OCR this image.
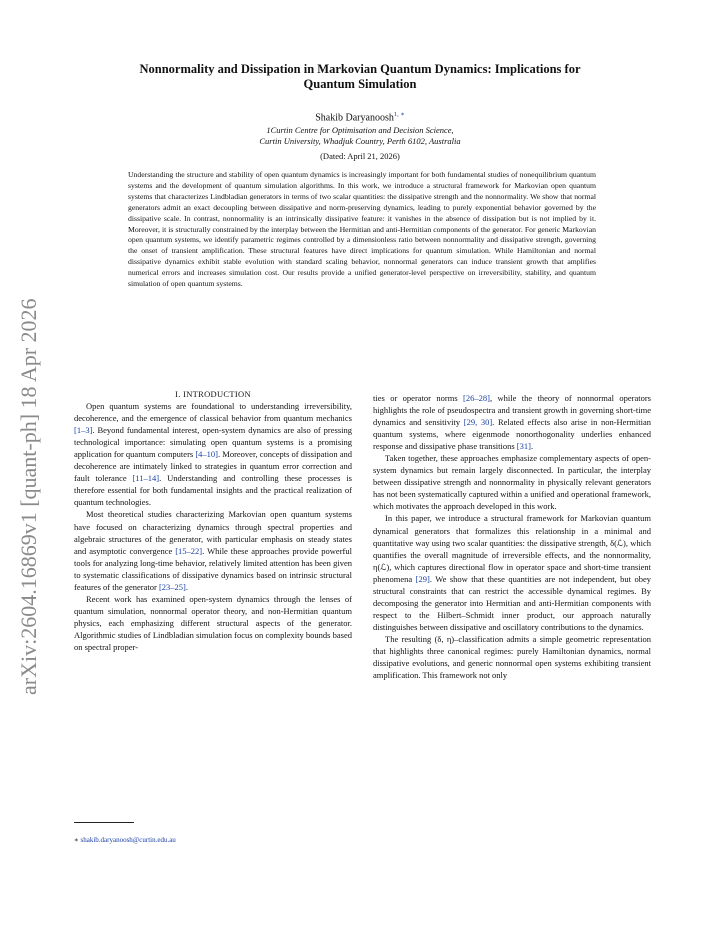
arXiv:2604.16869v1 [quant-ph] 18 Apr 2026
Nonnormality and Dissipation in Markovian Quantum Dynamics: Implications for
Quantum Simulation
Shakib Daryanoosh$^{1, ∗}$
1Curtin Centre for Optimisation and Decision Science,
Curtin University, Whadjuk Country, Perth 6102, Australia
(Dated: April 21, 2026)
Understanding the structure and stability of open quantum dynamics is increasingly important for both fundamental studies of nonequilibrium quantum systems and the development of quantum simulation algorithms. In this work, we introduce a structural framework for Markovian open quantum systems that characterizes Lindbladian generators in terms of two scalar quantities: the dissipative strength and the nonnormality. We show that normal generators admit an exact decoupling between dissipative and norm-preserving dynamics, leading to purely exponential behavior governed by the dissipative scale. In contrast, nonnormality is an intrinsically dissipative feature: it vanishes in the absence of dissipation but is not implied by it. Moreover, it is structurally constrained by the interplay between the Hermitian and anti-Hermitian components of the generator. For generic Markovian open quantum systems, we identify parametric regimes controlled by a dimensionless ratio between nonnormality and dissipative strength, governing the onset of transient amplification. These structural features have direct implications for quantum simulation. While Hamiltonian and normal dissipative dynamics exhibit stable evolution with standard scaling behavior, nonnormal generators can induce transient growth that amplifies numerical errors and increases simulation cost. Our results provide a unified generator-level perspective on irreversibility, stability, and quantum simulation of open quantum systems.

I. INTRODUCTION

Open quantum systems are foundational to understanding irreversibility, decoherence, and the emergence of classical behavior from quantum mechanics [1–3]. Beyond fundamental interest, open-system dynamics are also of pressing technological importance: simulating open quantum systems is a promising application for quantum computers [4–10]. Moreover, concepts of dissipation and decoherence are intimately linked to strategies in quantum error correction and fault tolerance [11–14]. Understanding and controlling these processes is therefore essential for both fundamental insights and the practical realization of quantum technologies.

Most theoretical studies characterizing Markovian open quantum systems have focused on characterizing dynamics through spectral properties and algebraic structures of the generator, with particular emphasis on steady states and asymptotic convergence [15–22]. While these approaches provide powerful tools for analyzing long-time behavior, relatively limited attention has been given to systematic classifications of dissipative dynamics based on intrinsic structural features of the generator [23–25].

Recent work has examined open-system dynamics through the lenses of quantum simulation, nonnormal operator theory, and non-Hermitian quantum physics, each emphasizing different structural aspects of the generator. Algorithmic studies of Lindbladian simulation focus on complexity bounds based on spectral proper-

ties or operator norms [26–28], while the theory of nonnormal operators highlights the role of pseudospectra and transient growth in governing short-time dynamics and sensitivity [29, 30]. Related effects also arise in non-Hermitian quantum systems, where eigenmode nonorthogonality underlies enhanced response and dissipative phase transitions [31].

Taken together, these approaches emphasize complementary aspects of open-system dynamics but remain largely disconnected. In particular, the interplay between dissipative strength and nonnormality in physically relevant generators has not been systematically captured within a unified and operational framework, which motivates the approach developed in this work.

In this paper, we introduce a structural framework for Markovian quantum dynamical generators that formalizes this relationship in a minimal and quantitative way using two scalar quantities: the dissipative strength, δ(ℒ), which quantifies the overall magnitude of irreversible effects, and the nonnormality, η(ℒ), which captures directional flow in operator space and short-time transient phenomena [29]. We show that these quantities are not independent, but obey structural constraints that can restrict the accessible dynamical regimes. By decomposing the generator into Hermitian and anti-Hermitian components with respect to the Hilbert–Schmidt inner product, our approach naturally distinguishes between dissipative and oscillatory contributions to the dynamics.

The resulting (δ, η)–classification admits a simple geometric representation that highlights three canonical regimes: purely Hamiltonian dynamics, normal dissipative evolutions, and generic nonnormal open systems exhibiting transient amplification. This framework not only

∗ shakib.daryanoosh@curtin.edu.au
